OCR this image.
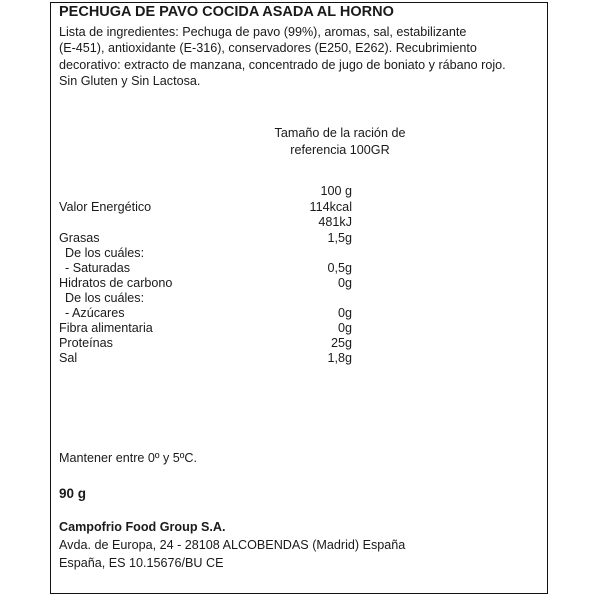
PECHUGA DE PAVO COCIDA ASADA AL HORNO
Lista de ingredientes: Pechuga de pavo (99%), aromas, sal, estabilizante
(E-451), antioxidante (E-316), conservadores (E250, E262). Recubrimiento
decorativo: extracto de manzana, concentrado de jugo de boniato y rábano rojo.
Sin Gluten y Sin Lactosa.
Tamaño de la ración de
referencia 100GR
100 g
Valor Energético	114kcal
481kJ
Grasas	1,5g
De los cuáles:
- Saturadas	0,5g
Hidratos de carbono	0g
De los cuáles:
- Azúcares	0g
Fibra alimentaria	0g
Proteínas	25g
Sal	1,8g
Mantener entre 0º y 5ºC.
90 g
Campofrio Food Group S.A.
Avda. de Europa, 24 - 28108 ALCOBENDAS (Madrid) España
España, ES 10.15676/BU CE
